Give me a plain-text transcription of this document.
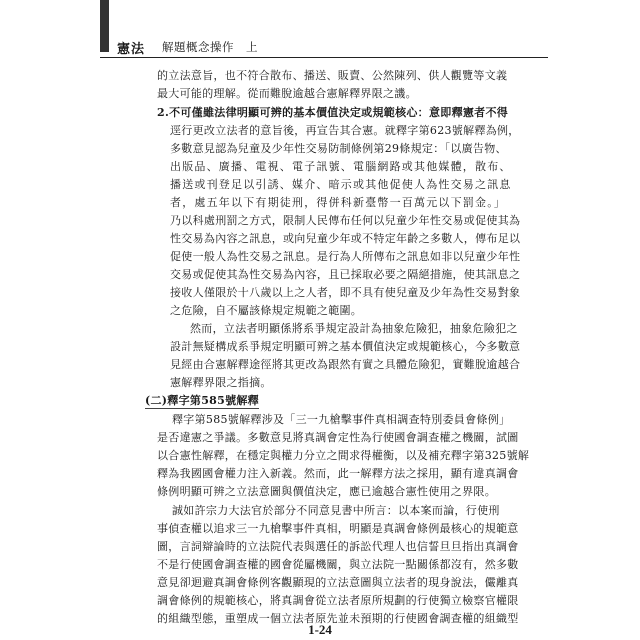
憲法 解題概念操作　上
的立法意旨，也不符合散布、播送、販賣、公然陳列、供人觀覽等文義
最大可能的理解。從而難脫逾越合憲解釋界限之譏。
2.不可僅雖法律明顯可辨的基本價值決定或規範核心：意即釋憲者不得
逕行更改立法者的意旨後，再宣告其合憲。就釋字第623號解釋為例，
多數意見認為兒童及少年性交易防制條例第29條規定：「以廣告物、
出版品、廣播、電視、電子訊號、電腦網路或其他媒體，散布、
播送或刊登足以引誘、媒介、暗示或其他促使人為性交易之訊息
者，處五年以下有期徒刑，得併科新臺幣一百萬元以下罰金。」
乃以科處刑罰之方式，限制人民傳布任何以兒童少年性交易或促使其為
性交易為內容之訊息，或向兒童少年或不特定年齡之多數人，傳布足以
促使一般人為性交易之訊息。是行為人所傳布之訊息如非以兒童少年性
交易或促使其為性交易為內容，且已採取必要之隔絕措施，使其訊息之
接收人僅限於十八歲以上之人者，即不具有使兒童及少年為性交易對象
之危險，自不屬該條規定規範之範圍。
然而，立法者明顯係將系爭規定設計為抽象危險犯，抽象危險犯之
設計無疑構成系爭規定明顯可辨之基本價值決定或規範核心，今多數意
見經由合憲解釋途徑將其更改為跟然有實之具體危險犯，實難脫逾越合
憲解釋界限之指摘。
(二)釋字第585號解釋
釋字第585號解釋涉及「三一九槍擊事件真相調查特別委員會條例」
是否違憲之爭議。多數意見將真調會定性為行使國會調查權之機關，試圖
以合憲性解釋，在穩定與權力分立之間求得權衡，以及補充釋字第325號解
釋為我國國會權力注入新義。然而，此一解釋方法之採用，顯有違真調會
條例明顯可辨之立法意圖與價值決定，應已逾越合憲性使用之界限。
誠如許宗力大法官於部分不同意見書中所言：以本案而論，行使刑
事偵查權以追求三一九槍擊事件真相，明顯是真調會條例最核心的規範意
圖，言詞辯論時的立法院代表與選任的訴訟代理人也信誓旦旦指出真調會
不是行使國會調查權的國會從屬機關，與立法院一點關係都沒有，然多數
意見卻迴避真調會條例客觀顯現的立法意圖與立法者的現身說法，儼離真
調會條例的規範核心，將真調會從立法者原所規劃的行使獨立檢察官權限
的組織型態，重塑成一個立法者原先並未預期的行使國會調查權的組織型
1-24
